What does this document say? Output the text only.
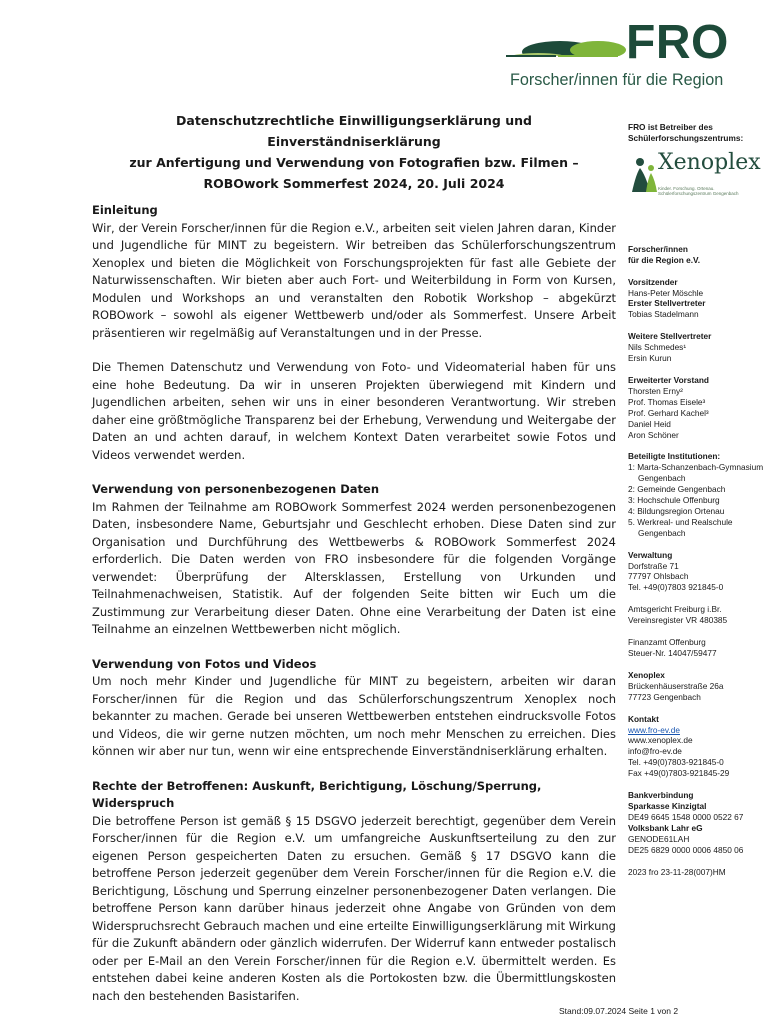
FRO
Forscher/innen für die Region
Datenschutzrechtliche Einwilligungserklärung und Einverständniserklärung
zur Anfertigung und Verwendung von Fotografien bzw. Filmen –
ROBOwork Sommerfest 2024, 20. Juli 2024
Einleitung

Wir, der Verein Forscher/innen für die Region e.V., arbeiten seit vielen Jahren daran, Kinder und Jugendliche für MINT zu begeistern. Wir betreiben das Schülerforschungszentrum Xenoplex und bieten die Möglichkeit von Forschungsprojekten für fast alle Gebiete der Naturwissenschaften. Wir bieten aber auch Fort- und Weiterbildung in Form von Kursen, Modulen und Workshops an und veranstalten den Robotik Workshop – abgekürzt ROBOwork – sowohl als eigener Wettbewerb und/oder als Sommerfest. Unsere Arbeit präsentieren wir regelmäßig auf Veranstaltungen und in der Presse.

Die Themen Datenschutz und Verwendung von Foto- und Videomaterial haben für uns eine hohe Bedeutung. Da wir in unseren Projekten überwiegend mit Kindern und Jugendlichen arbeiten, sehen wir uns in einer besonderen Verantwortung. Wir streben daher eine größtmögliche Transparenz bei der Erhebung, Verwendung und Weitergabe der Daten an und achten darauf, in welchem Kontext Daten verarbeitet sowie Fotos und Videos verwendet werden.

Verwendung von personenbezogenen Daten

Im Rahmen der Teilnahme am ROBOwork Sommerfest 2024 werden personenbezogenen Daten, insbesondere Name, Geburtsjahr und Geschlecht erhoben. Diese Daten sind zur Organisation und Durchführung des Wettbewerbs & ROBOwork Sommerfest 2024 erforderlich. Die Daten werden von FRO insbesondere für die folgenden Vorgänge verwendet: Überprüfung der Altersklassen, Erstellung von Urkunden und Teilnahmenachweisen, Statistik. Auf der folgenden Seite bitten wir Euch um die Zustimmung zur Verarbeitung dieser Daten. Ohne eine Verarbeitung der Daten ist eine Teilnahme an einzelnen Wettbewerben nicht möglich.

Verwendung von Fotos und Videos

Um noch mehr Kinder und Jugendliche für MINT zu begeistern, arbeiten wir daran Forscher/innen für die Region und das Schülerforschungszentrum Xenoplex noch bekannter zu machen. Gerade bei unseren Wettbewerben entstehen eindrucksvolle Fotos und Videos, die wir gerne nutzen möchten, um noch mehr Menschen zu erreichen. Dies können wir aber nur tun, wenn wir eine entsprechende Einverständniserklärung erhalten.

Rechte der Betroffenen: Auskunft, Berichtigung, Löschung/Sperrung, Widerspruch

Die betroffene Person ist gemäß § 15 DSGVO jederzeit berechtigt, gegenüber dem Verein Forscher/innen für die Region e.V. um umfangreiche Auskunftserteilung zu den zur eigenen Person gespeicherten Daten zu ersuchen. Gemäß § 17 DSGVO kann die betroffene Person jederzeit gegenüber dem Verein Forscher/innen für die Region e.V. die Berichtigung, Löschung und Sperrung einzelner personenbezogener Daten verlangen. Die betroffene Person kann darüber hinaus jederzeit ohne Angabe von Gründen von dem Widerspruchsrecht Gebrauch machen und eine erteilte Einwilligungserklärung mit Wirkung für die Zukunft abändern oder gänzlich widerrufen. Der Widerruf kann entweder postalisch oder per E-Mail an den Verein Forscher/innen für die Region e.V. übermittelt werden. Es entstehen dabei keine anderen Kosten als die Portokosten bzw. die Übermittlungskosten nach den bestehenden Basistarifen.

FRO ist Betreiber des Schülerforschungszentrums:
Xenoplex
Kinder. Forschung. Ortenau.
Schülerforschungszentrum Gengenbach
Forscher/innen
für die Region e.V.
Vorsitzender
Hans-Peter Möschle
Erster Stellvertreter
Tobias Stadelmann
Weitere Stellvertreter
Nils Schmedes¹
Ersin Kurun
Erweiterter Vorstand
Thorsten Erny²
Prof. Thomas Eisele³
Prof. Gerhard Kachel³
Daniel Heid
Aron Schöner
Beteiligte Institutionen:
1: Marta-Schanzenbach-Gymnasium Gengenbach
2: Gemeinde Gengenbach
3: Hochschule Offenburg
4: Bildungsregion Ortenau
5. Werkreal- und Realschule Gengenbach
Verwaltung
Dorfstraße 71
77797 Ohlsbach
Tel. +49(0)7803 921845-0
Amtsgericht Freiburg i.Br.
Vereinsregister VR 480385
Finanzamt Offenburg
Steuer-Nr. 14047/59477
Xenoplex
Brückenhäuserstraße 26a
77723 Gengenbach
Kontakt
www.fro-ev.de
www.xenoplex.de
info@fro-ev.de
Tel. +49(0)7803-921845-0
Fax +49(0)7803-921845-29
Bankverbindung
Sparkasse Kinzigtal
DE49 6645 1548 0000 0522 67
Volksbank Lahr eG
GENODE61LAH
DE25 6829 0000 0006 4850 06
2023 fro 23-11-28(007)HM
Stand:09.07.2024 Seite 1 von 2
